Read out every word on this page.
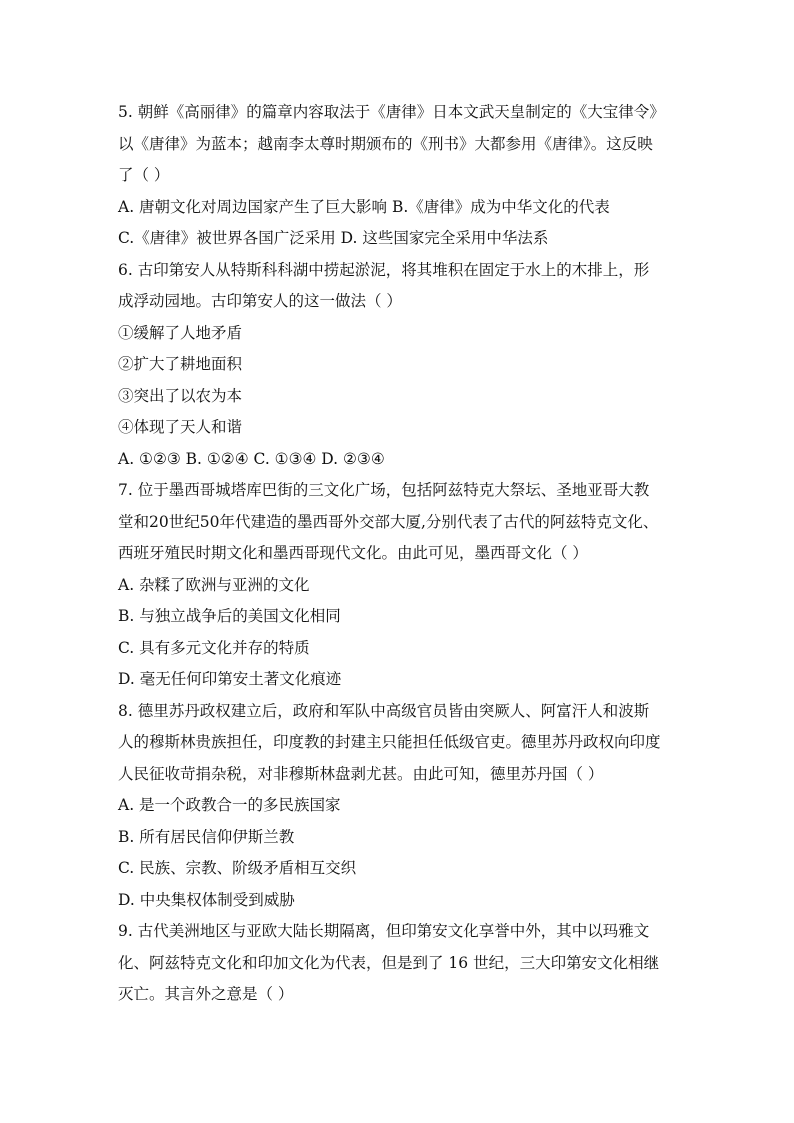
5. 朝鲜《高丽律》的篇章内容取法于《唐律》日本文武天皇制定的《大宝律令》
以《唐律》为蓝本；越南李太尊时期颁布的《刑书》大都参用《唐律》。这反映
了（ ）
A. 唐朝文化对周边国家产生了巨大影响 B.《唐律》成为中华文化的代表
C.《唐律》被世界各国广泛采用 D. 这些国家完全采用中华法系
6. 古印第安人从特斯科科湖中捞起淤泥，将其堆积在固定于水上的木排上，形
成浮动园地。古印第安人的这一做法（ ）
①缓解了人地矛盾
②扩大了耕地面积
③突出了以农为本
④体现了天人和谐
A. ①②③ B. ①②④ C. ①③④ D. ②③④
7. 位于墨西哥城塔库巴街的三文化广场，包括阿兹特克大祭坛、圣地亚哥大教
堂和20世纪50年代建造的墨西哥外交部大厦,分别代表了古代的阿兹特克文化、
西班牙殖民时期文化和墨西哥现代文化。由此可见，墨西哥文化（ ）
A. 杂糅了欧洲与亚洲的文化
B. 与独立战争后的美国文化相同
C. 具有多元文化并存的特质
D. 毫无任何印第安土著文化痕迹
8. 德里苏丹政权建立后，政府和军队中高级官员皆由突厥人、阿富汗人和波斯
人的穆斯林贵族担任，印度教的封建主只能担任低级官吏。德里苏丹政权向印度
人民征收苛捐杂税，对非穆斯林盘剥尤甚。由此可知，德里苏丹国（ ）
A. 是一个政教合一的多民族国家
B. 所有居民信仰伊斯兰教
C. 民族、宗教、阶级矛盾相互交织
D. 中央集权体制受到威胁
9. 古代美洲地区与亚欧大陆长期隔离，但印第安文化享誉中外，其中以玛雅文
化、阿兹特克文化和印加文化为代表，但是到了 16 世纪，三大印第安文化相继
灭亡。其言外之意是（ ）
